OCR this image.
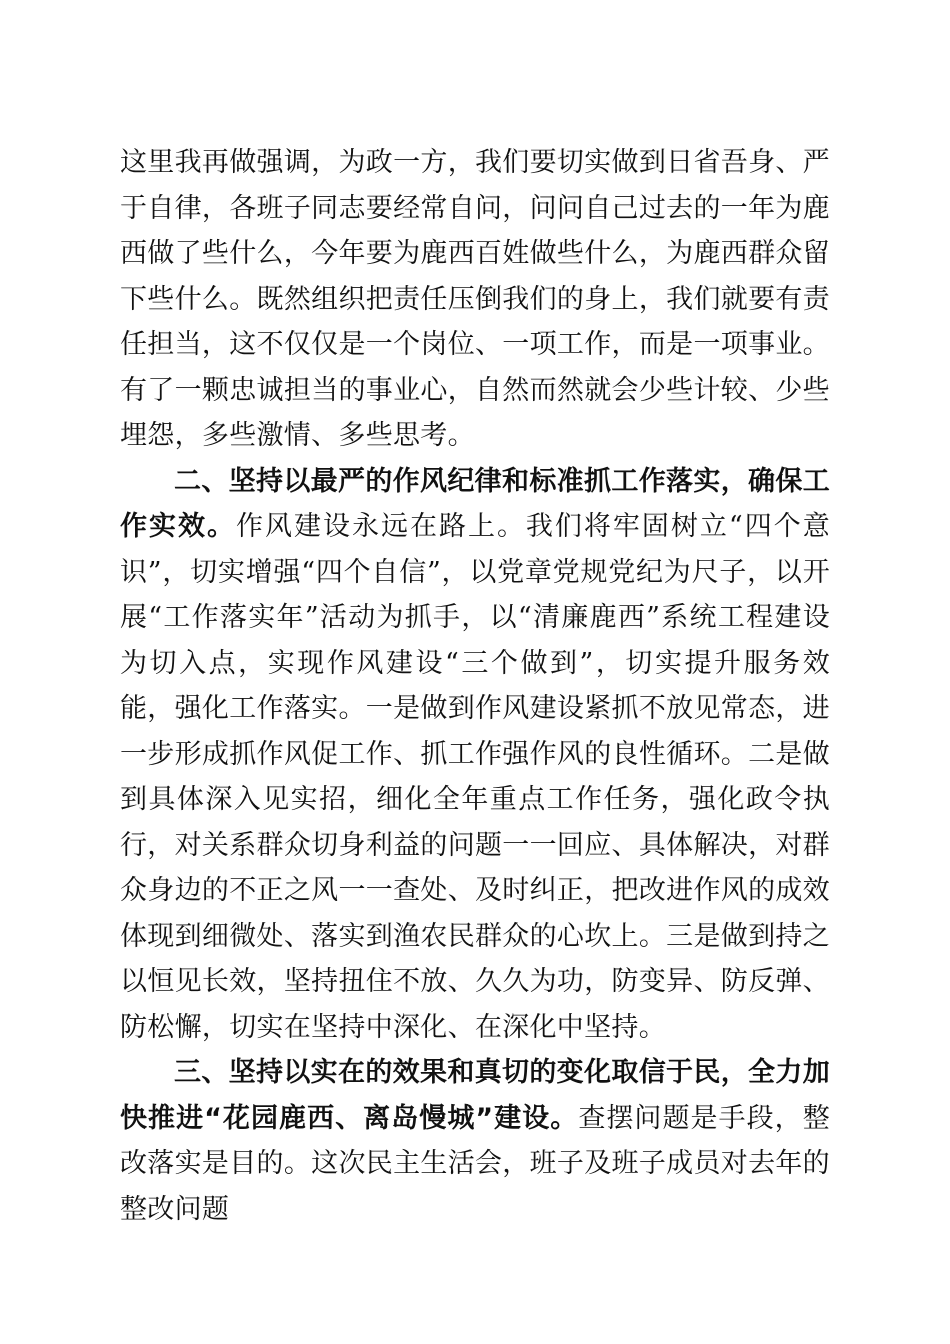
这里我再做强调，为政一方，我们要切实做到日省吾身、严于自律，各班子同志要经常自问，问问自己过去的一年为鹿西做了些什么，今年要为鹿西百姓做些什么，为鹿西群众留下些什么。既然组织把责任压倒我们的身上，我们就要有责任担当，这不仅仅是一个岗位、一项工作，而是一项事业。有了一颗忠诚担当的事业心，自然而然就会少些计较、少些埋怨，多些激情、多些思考。

二、坚持以最严的作风纪律和标准抓工作落实，确保工作实效。作风建设永远在路上。我们将牢固树立“四个意识”，切实增强“四个自信”，以党章党规党纪为尺子，以开展“工作落实年”活动为抓手，以“清廉鹿西”系统工程建设为切入点，实现作风建设“三个做到”，切实提升服务效能，强化工作落实。一是做到作风建设紧抓不放见常态，进一步形成抓作风促工作、抓工作强作风的良性循环。二是做到具体深入见实招，细化全年重点工作任务，强化政令执行，对关系群众切身利益的问题一一回应、具体解决，对群众身边的不正之风一一查处、及时纠正，把改进作风的成效体现到细微处、落实到渔农民群众的心坎上。三是做到持之以恒见长效，坚持扭住不放、久久为功，防变异、防反弹、防松懈，切实在坚持中深化、在深化中坚持。

三、坚持以实在的效果和真切的变化取信于民，全力加快推进“花园鹿西、离岛慢城”建设。查摆问题是手段，整改落实是目的。这次民主生活会，班子及班子成员对去年的整改问题
